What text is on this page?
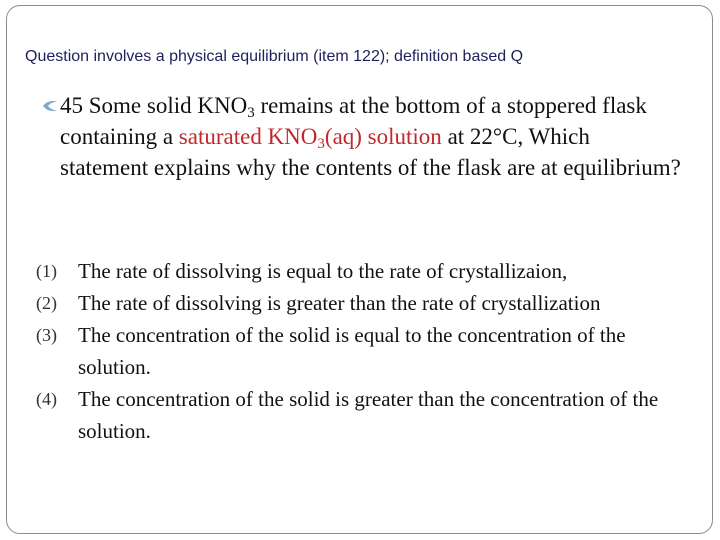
Question involves a physical equilibrium (item 122); definition based Q
45 Some solid $KNO_3$ remains at the bottom of a stoppered flask containing a saturated $KNO_3(aq)$ solution at 22°C, Which statement explains why the contents of the flask are at equilibrium?
(1) The rate of dissolving is equal to the rate of crystallizaion,
(2) The rate of dissolving is greater than the rate of crystallization
(3) The concentration of the solid is equal to the concentration of the solution.
(4) The concentration of the solid is greater than the concentration of the solution.
